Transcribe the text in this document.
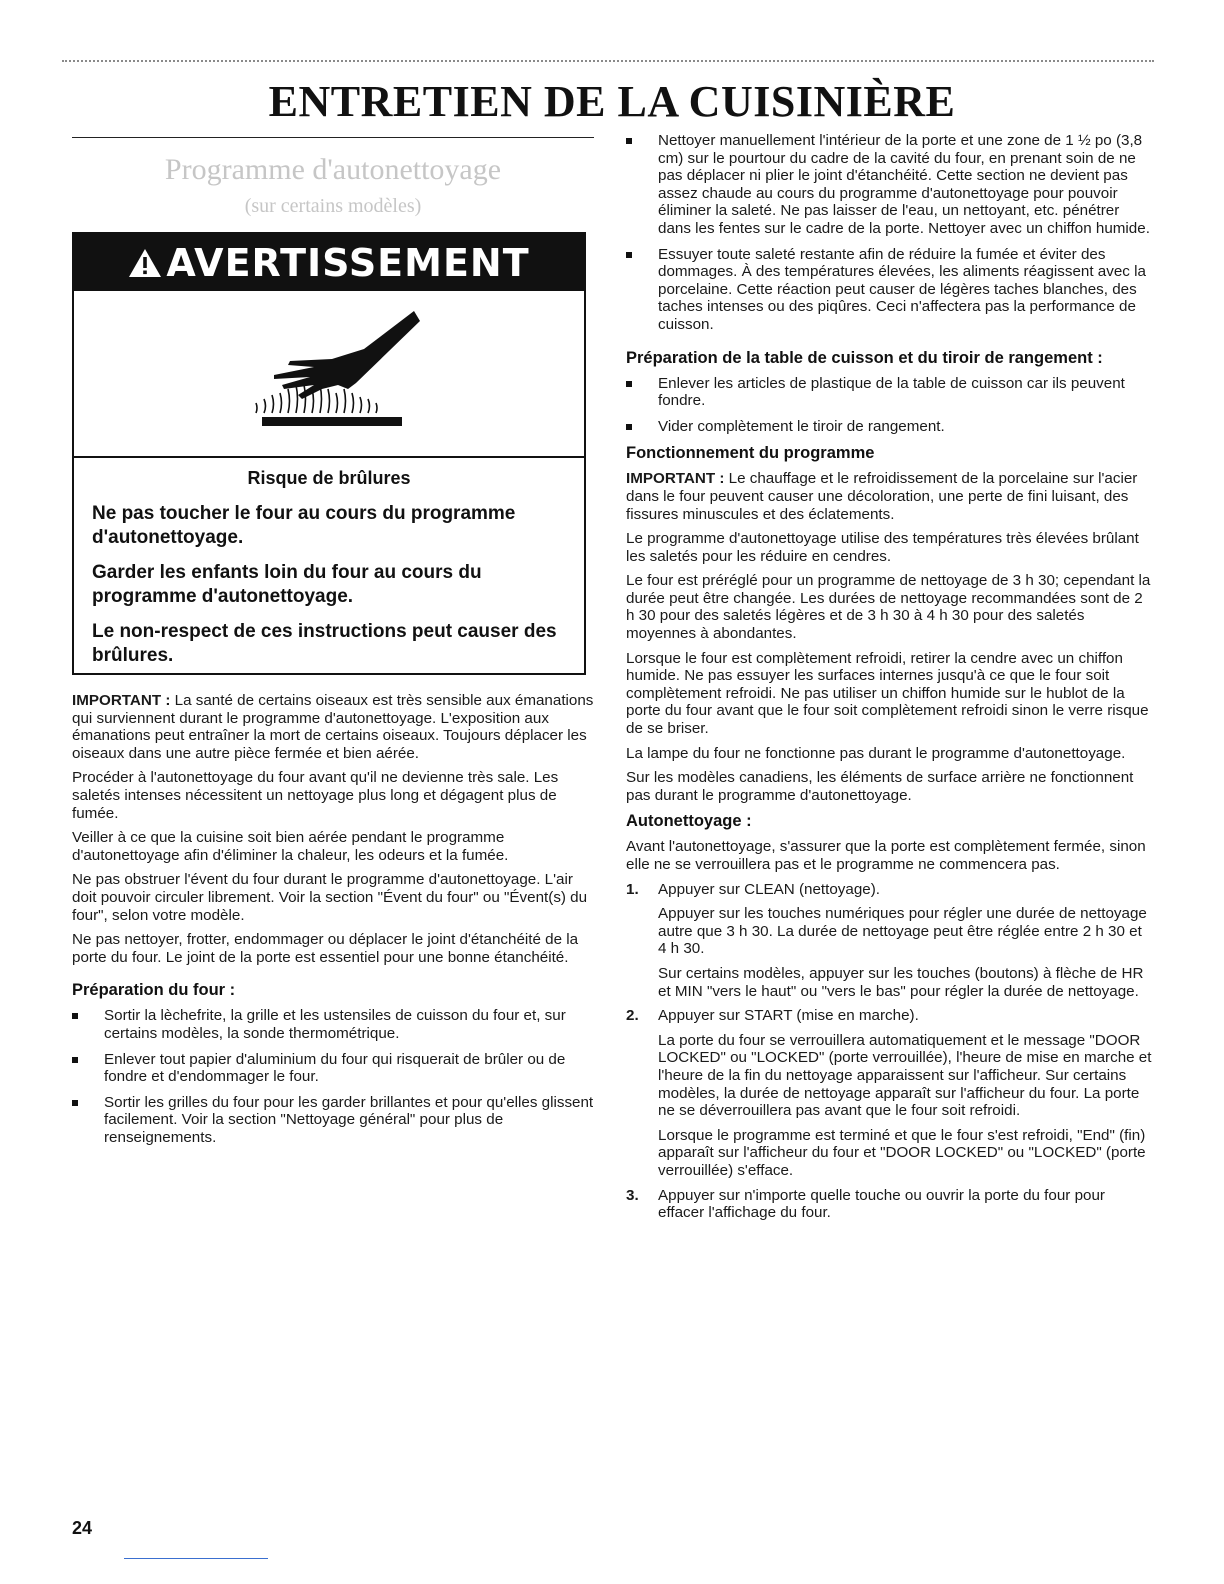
ENTRETIEN DE LA CUISINIÈRE
Programme d'autonettoyage
(sur certains modèles)
AVERTISSEMENT

Risque de brûlures

Ne pas toucher le four au cours du programme d'autonettoyage.

Garder les enfants loin du four au cours du programme d'autonettoyage.

Le non-respect de ces instructions peut causer des brûlures.

IMPORTANT : La santé de certains oiseaux est très sensible aux émanations qui surviennent durant le programme d'autonettoyage. L'exposition aux émanations peut entraîner la mort de certains oiseaux. Toujours déplacer les oiseaux dans une autre pièce fermée et bien aérée.

Procéder à l'autonettoyage du four avant qu'il ne devienne très sale. Les saletés intenses nécessitent un nettoyage plus long et dégagent plus de fumée.

Veiller à ce que la cuisine soit bien aérée pendant le programme d'autonettoyage afin d'éliminer la chaleur, les odeurs et la fumée.

Ne pas obstruer l'évent du four durant le programme d'autonettoyage. L'air doit pouvoir circuler librement. Voir la section "Évent du four" ou "Évent(s) du four", selon votre modèle.

Ne pas nettoyer, frotter, endommager ou déplacer le joint d'étanchéité de la porte du four. Le joint de la porte est essentiel pour une bonne étanchéité.

Préparation du four :

Sortir la lèchefrite, la grille et les ustensiles de cuisson du four et, sur certains modèles, la sonde thermométrique.
Enlever tout papier d'aluminium du four qui risquerait de brûler ou de fondre et d'endommager le four.
Sortir les grilles du four pour les garder brillantes et pour qu'elles glissent facilement. Voir la section "Nettoyage général" pour plus de renseignements.
Nettoyer manuellement l'intérieur de la porte et une zone de 1 ½ po (3,8 cm) sur le pourtour du cadre de la cavité du four, en prenant soin de ne pas déplacer ni plier le joint d'étanchéité. Cette section ne devient pas assez chaude au cours du programme d'autonettoyage pour pouvoir éliminer la saleté. Ne pas laisser de l'eau, un nettoyant, etc. pénétrer dans les fentes sur le cadre de la porte. Nettoyer avec un chiffon humide.
Essuyer toute saleté restante afin de réduire la fumée et éviter des dommages. À des températures élevées, les aliments réagissent avec la porcelaine. Cette réaction peut causer de légères taches blanches, des taches intenses ou des piqûres. Ceci n'affectera pas la performance de cuisson.

Préparation de la table de cuisson et du tiroir de rangement :

Enlever les articles de plastique de la table de cuisson car ils peuvent fondre.
Vider complètement le tiroir de rangement.

Fonctionnement du programme

IMPORTANT : Le chauffage et le refroidissement de la porcelaine sur l'acier dans le four peuvent causer une décoloration, une perte de fini luisant, des fissures minuscules et des éclatements.

Le programme d'autonettoyage utilise des températures très élevées brûlant les saletés pour les réduire en cendres.

Le four est préréglé pour un programme de nettoyage de 3 h 30; cependant la durée peut être changée. Les durées de nettoyage recommandées sont de 2 h 30 pour des saletés légères et de 3 h 30 à 4 h 30 pour des saletés moyennes à abondantes.

Lorsque le four est complètement refroidi, retirer la cendre avec un chiffon humide. Ne pas essuyer les surfaces internes jusqu'à ce que le four soit complètement refroidi. Ne pas utiliser un chiffon humide sur le hublot de la porte du four avant que le four soit complètement refroidi sinon le verre risque de se briser.

La lampe du four ne fonctionne pas durant le programme d'autonettoyage.

Sur les modèles canadiens, les éléments de surface arrière ne fonctionnent pas durant le programme d'autonettoyage.

Autonettoyage :

Avant l'autonettoyage, s'assurer que la porte est complètement fermée, sinon elle ne se verrouillera pas et le programme ne commencera pas.

1. Appuyer sur CLEAN (nettoyage).

Appuyer sur les touches numériques pour régler une durée de nettoyage autre que 3 h 30. La durée de nettoyage peut être réglée entre 2 h 30 et 4 h 30.

Sur certains modèles, appuyer sur les touches (boutons) à flèche de HR et MIN "vers le haut" ou "vers le bas" pour régler la durée de nettoyage.

2. Appuyer sur START (mise en marche).

La porte du four se verrouillera automatiquement et le message "DOOR LOCKED" ou "LOCKED" (porte verrouillée), l'heure de mise en marche et l'heure de la fin du nettoyage apparaissent sur l'afficheur. Sur certains modèles, la durée de nettoyage apparaît sur l'afficheur du four. La porte ne se déverrouillera pas avant que le four soit refroidi.

Lorsque le programme est terminé et que le four s'est refroidi, "End" (fin) apparaît sur l'afficheur du four et "DOOR LOCKED" ou "LOCKED" (porte verrouillée) s'efface.

3. Appuyer sur n'importe quelle touche ou ouvrir la porte du four pour effacer l'affichage du four.
24
